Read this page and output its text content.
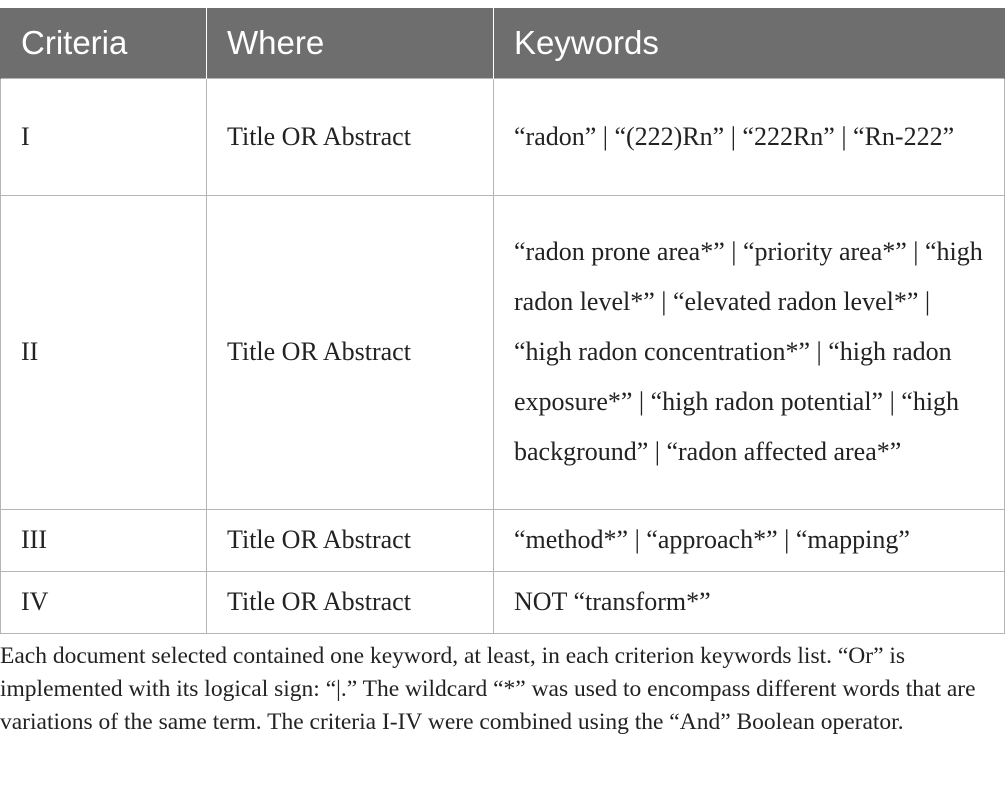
Criteria	Where	Keywords
I	Title OR Abstract	“radon” | “(222)Rn” | “222Rn” | “Rn-222”
II	Title OR Abstract	“radon prone area*” | “priority area*” | “high radon level*” | “elevated radon level*” | “high radon concentration*” | “high radon exposure*” | “high radon potential” | “high background” | “radon affected area*”
III	Title OR Abstract	“method*” | “approach*” | “mapping”
IV	Title OR Abstract	NOT “transform*”

Each document selected contained one keyword, at least, in each criterion keywords list. “Or” is implemented with its logical sign: “|.” The wildcard “*” was used to encompass different words that are variations of the same term. The criteria I-IV were combined using the “And” Boolean operator.
